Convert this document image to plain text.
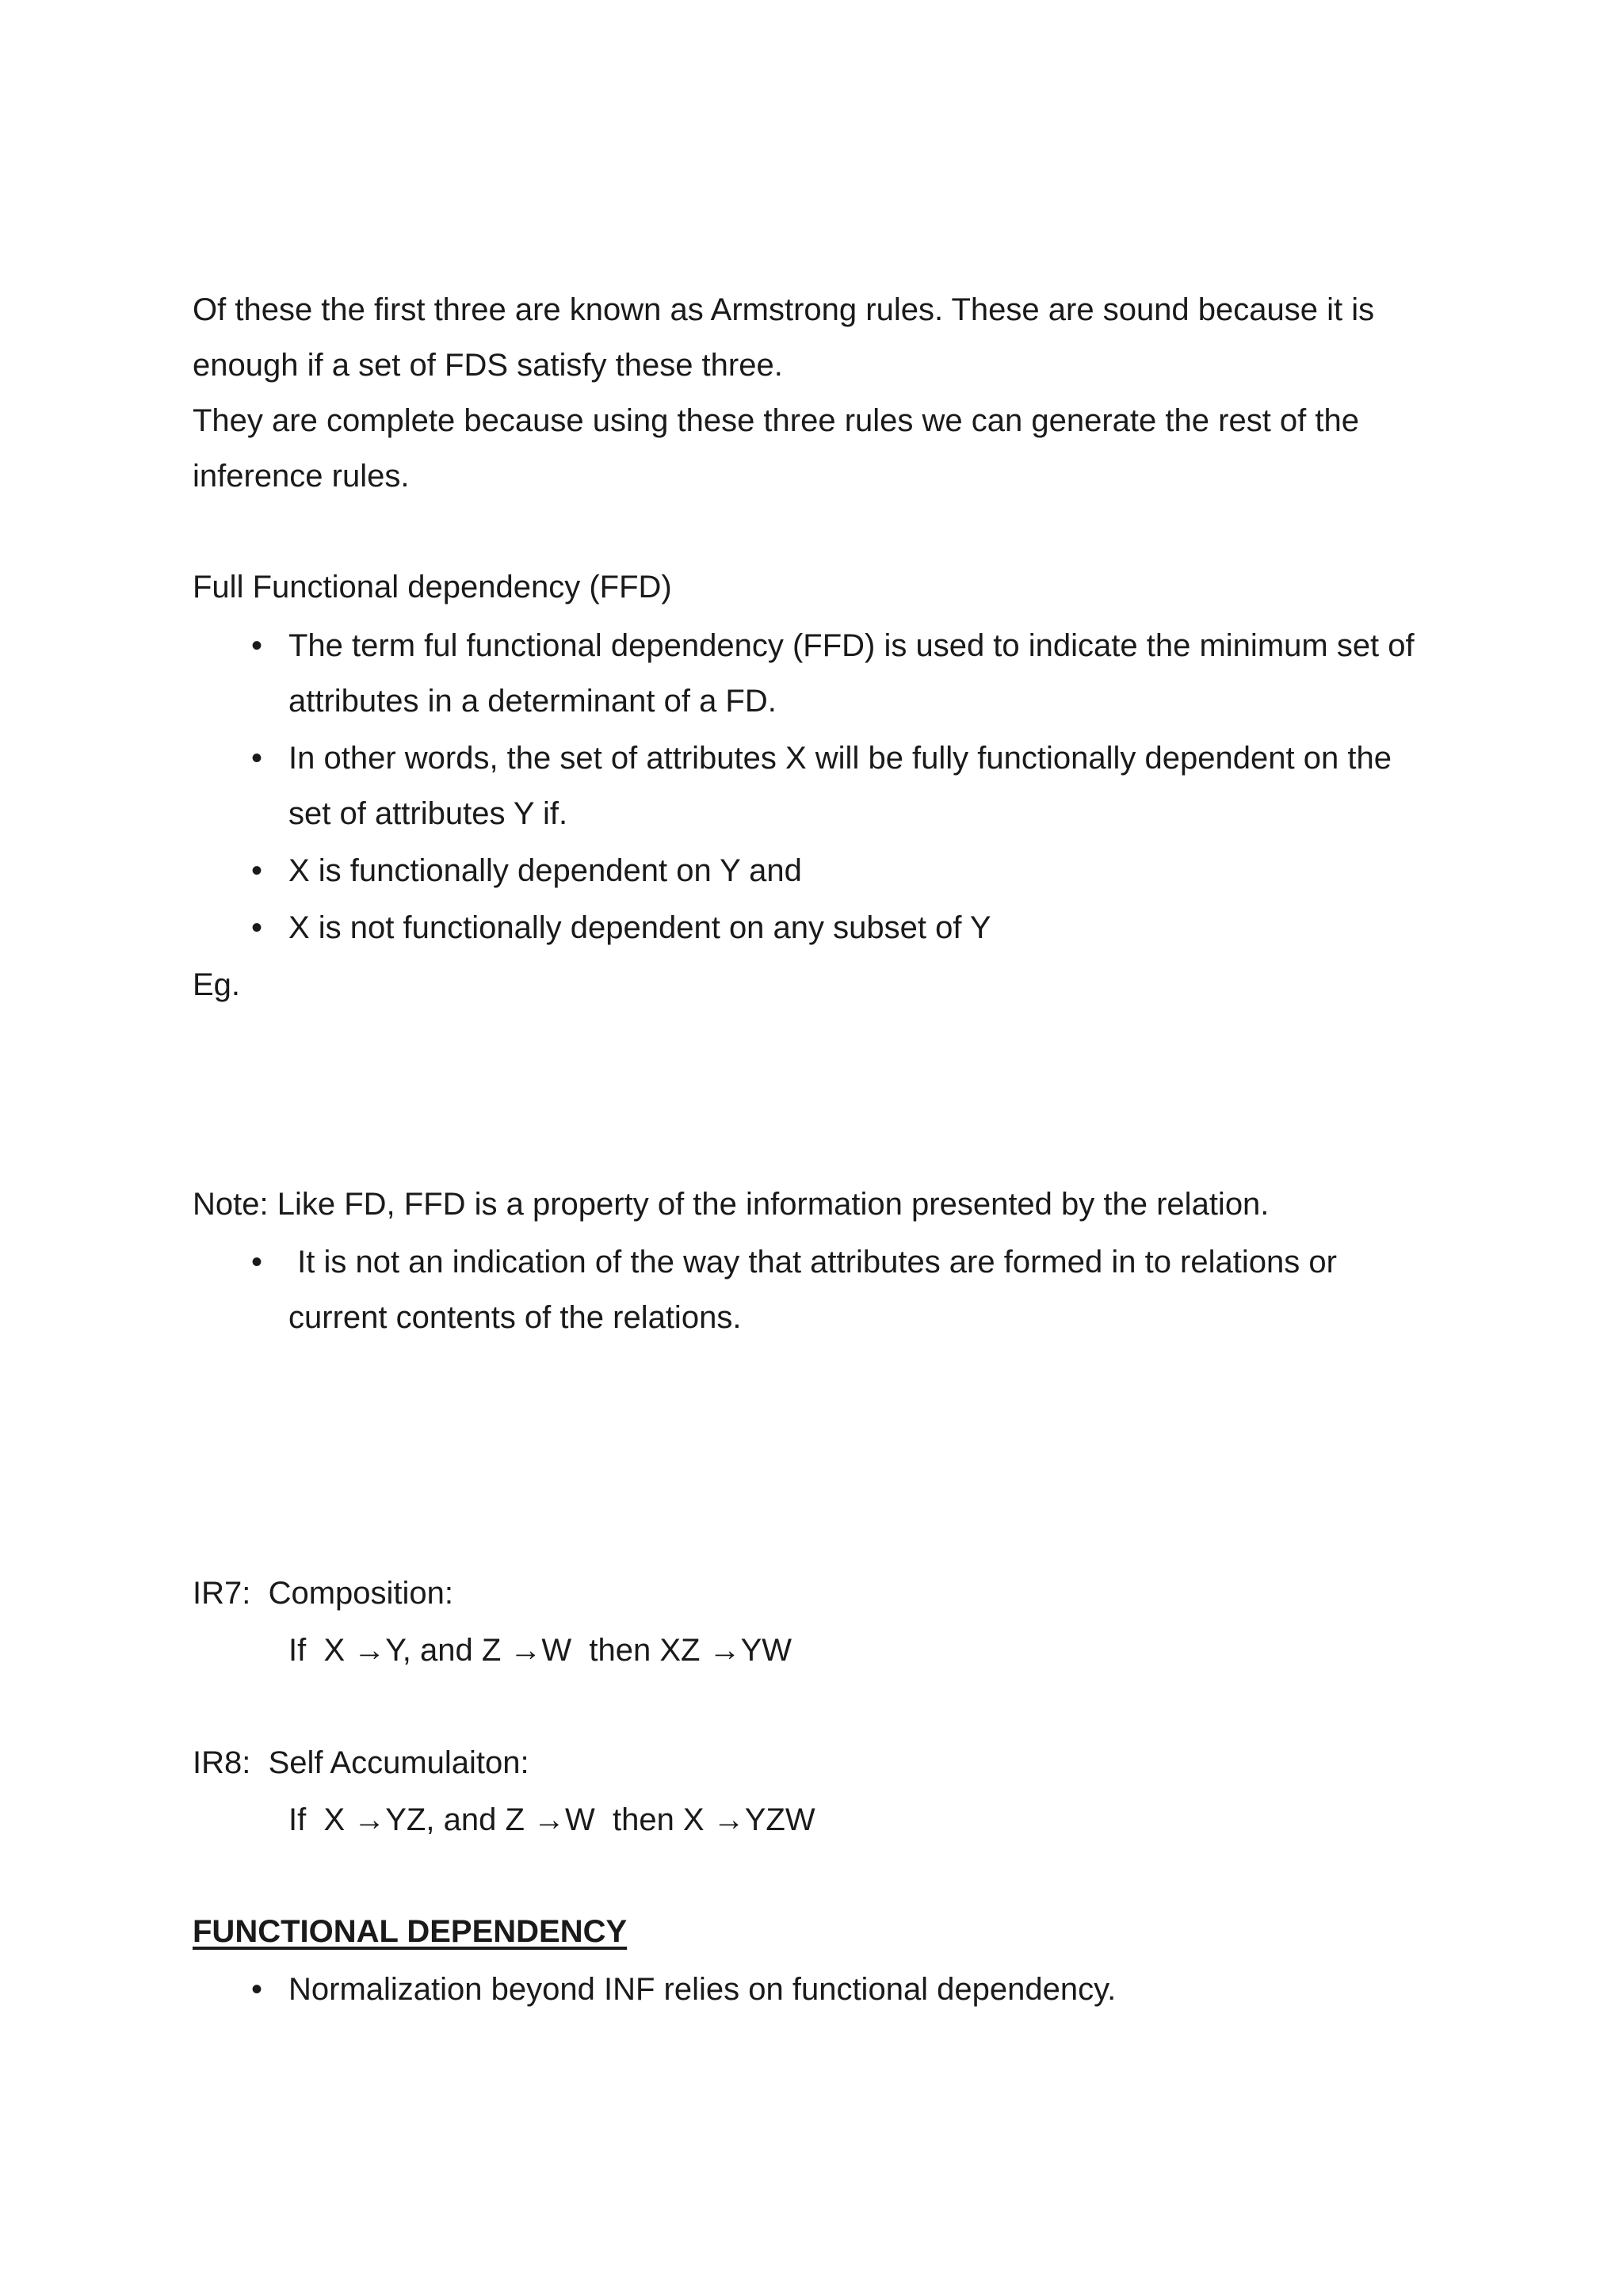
Of these the first three are known as Armstrong rules. These are sound because it is
enough if a set of FDS satisfy these three.
They are complete because using these three rules we can generate the rest of the
inference rules.
Full Functional dependency (FFD)
• The term ful functional dependency (FFD) is used to indicate the minimum set of
attributes in a determinant of a FD.
• In other words, the set of attributes X will be fully functionally dependent on the
set of attributes Y if.
• X is functionally dependent on Y and
• X is not functionally dependent on any subset of Y
Eg.
Note: Like FD, FFD is a property of the information presented by the relation.
• It is not an indication of the way that attributes are formed in to relations or
current contents of the relations.
IR7:  Composition:
If  X →Y, and Z →W  then XZ →YW
IR8:  Self Accumulaiton:
If  X →YZ, and Z →W  then X →YZW
FUNCTIONAL DEPENDENCY
• Normalization beyond INF relies on functional dependency.
